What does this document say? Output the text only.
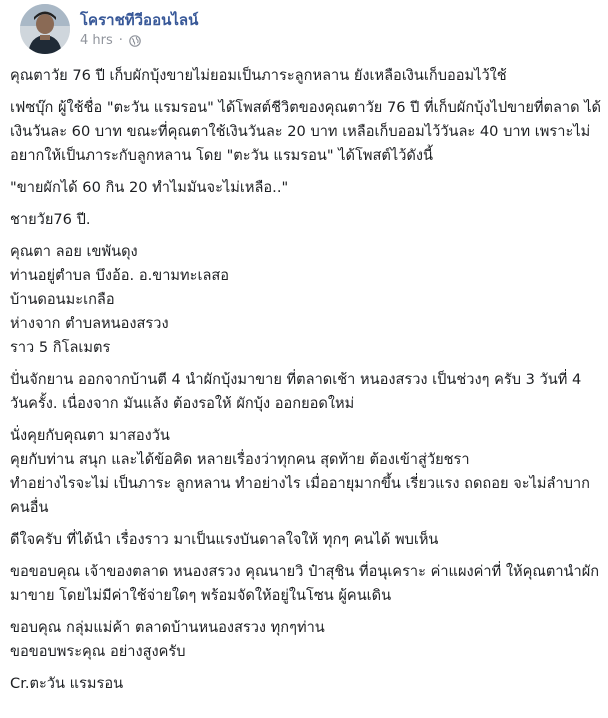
โคราชทีวีออนไลน์
4 hrs ·

คุณตาวัย 76 ปี เก็บผักบุ้งขายไม่ยอมเป็นภาระลูกหลาน ยังเหลือเงินเก็บออมไว้ใช้

เฟซบุ๊ก ผู้ใช้ชื่อ "ตะวัน แรมรอน" ได้โพสต์ชีวิตของคุณตาวัย 76 ปี ที่เก็บผักบุ้งไปขายที่ตลาด ได้เงินวันละ 60 บาท ขณะที่คุณตาใช้เงินวันละ 20 บาท เหลือเก็บออมไว้วันละ 40 บาท เพราะไม่อยากให้เป็นภาระกับลูกหลาน โดย "ตะวัน แรมรอน" ได้โพสต์ไว้ดังนี้

"ขายผักได้ 60 กิน 20 ทำไมมันจะไม่เหลือ.."

ชายวัย76 ปี.

คุณตา ลอย เขพันดุง
ท่านอยู่ตำบล บึงอ้อ. อ.ขามทะเลสอ
บ้านดอนมะเกลือ
ห่างจาก ตำบลหนองสรวง
ราว 5 กิโลเมตร

ปั่นจักยาน ออกจากบ้านตี 4 นำผักบุ้งมาขาย ที่ตลาดเช้า หนองสรวง เป็นช่วงๆ ครับ 3 วันที่ 4 วันครั้ง. เนื่องจาก มันแล้ง ต้องรอให้ ผักบุ้ง ออกยอดใหม่

นั่งคุยกับคุณตา มาสองวัน
คุยกับท่าน สนุก และได้ข้อคิด หลายเรื่องว่าทุกคน สุดท้าย ต้องเข้าสู่วัยชรา
ทำอย่างไรจะไม่ เป็นภาระ ลูกหลาน ทำอย่างไร เมื่ออายุมากขึ้น เรี่ยวแรง ถดถอย จะไม่ลำบากคนอื่น

ดีใจครับ ที่ได้นำ เรื่องราว มาเป็นแรงบันดาลใจให้ ทุกๆ คนได้ พบเห็น

ขอขอบคุณ เจ้าของตลาด หนองสรวง คุณนายวิ ป๋าสุชิน ที่อนุเคราะ ค่าแผงค่าที่ ให้คุณตานำผัก มาขาย โดยไม่มีค่าใช้จ่ายใดๆ พร้อมจัดให้อยู่ในโซน ผู้คนเดิน

ขอบคุณ กลุ่มแม่ค้า ตลาดบ้านหนองสรวง ทุกๆท่าน
ขอขอบพระคุณ อย่างสูงครับ

Cr.ตะวัน แรมรอน
